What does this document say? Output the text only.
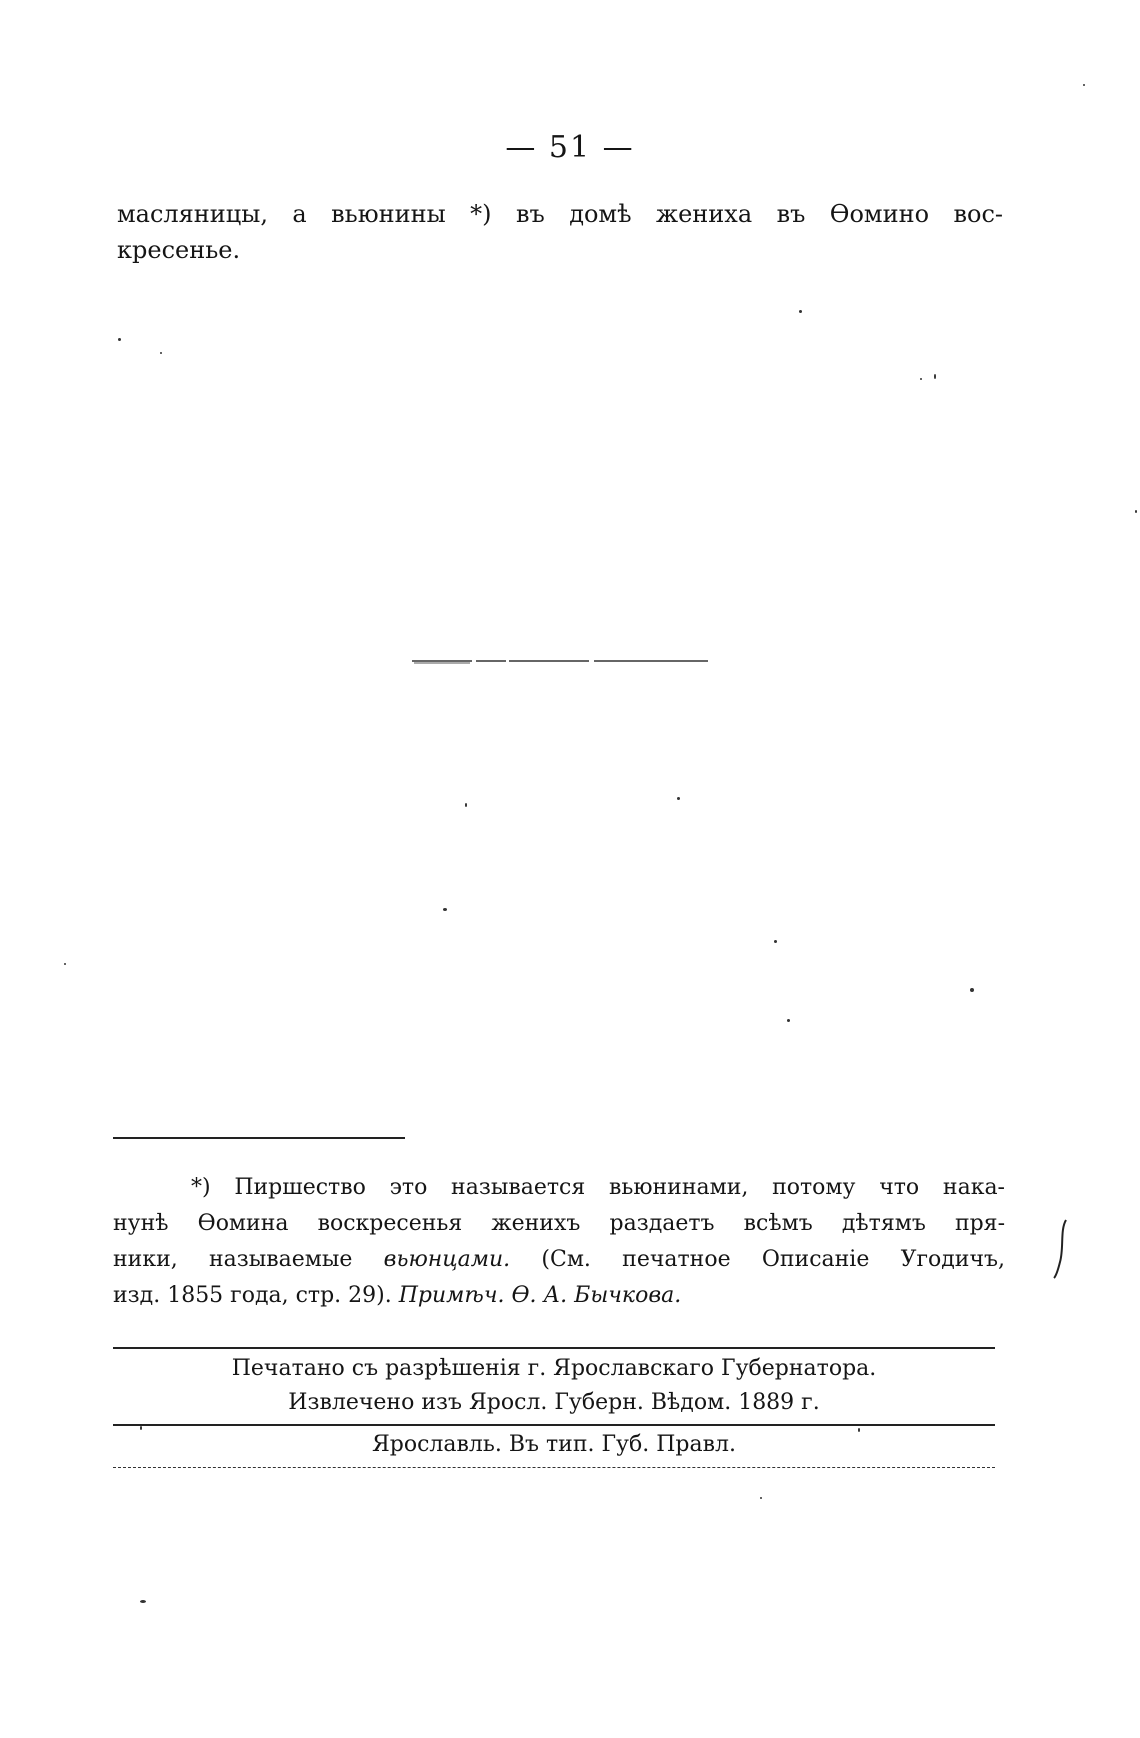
— 51 —
масляницы, а вьюнины *) въ домѣ жениха въ Ѳомино вос-
кресенье.
*) Пиршество это называется вьюнинами, потому что нака-
нунѣ Ѳомина воскресенья женихъ раздаетъ всѣмъ дѣтямъ пря-
ники, называемые вьюнцами. (См. печатное Описаніе Угодичъ,
изд. 1855 года, стр. 29). Примѣч. Ѳ. А. Бычкова.
Печатано съ разрѣшенія г. Ярославскаго Губернатора.
Извлечено изъ Яросл. Губерн. Вѣдом. 1889 г.
Ярославль. Въ тип. Губ. Правл.
